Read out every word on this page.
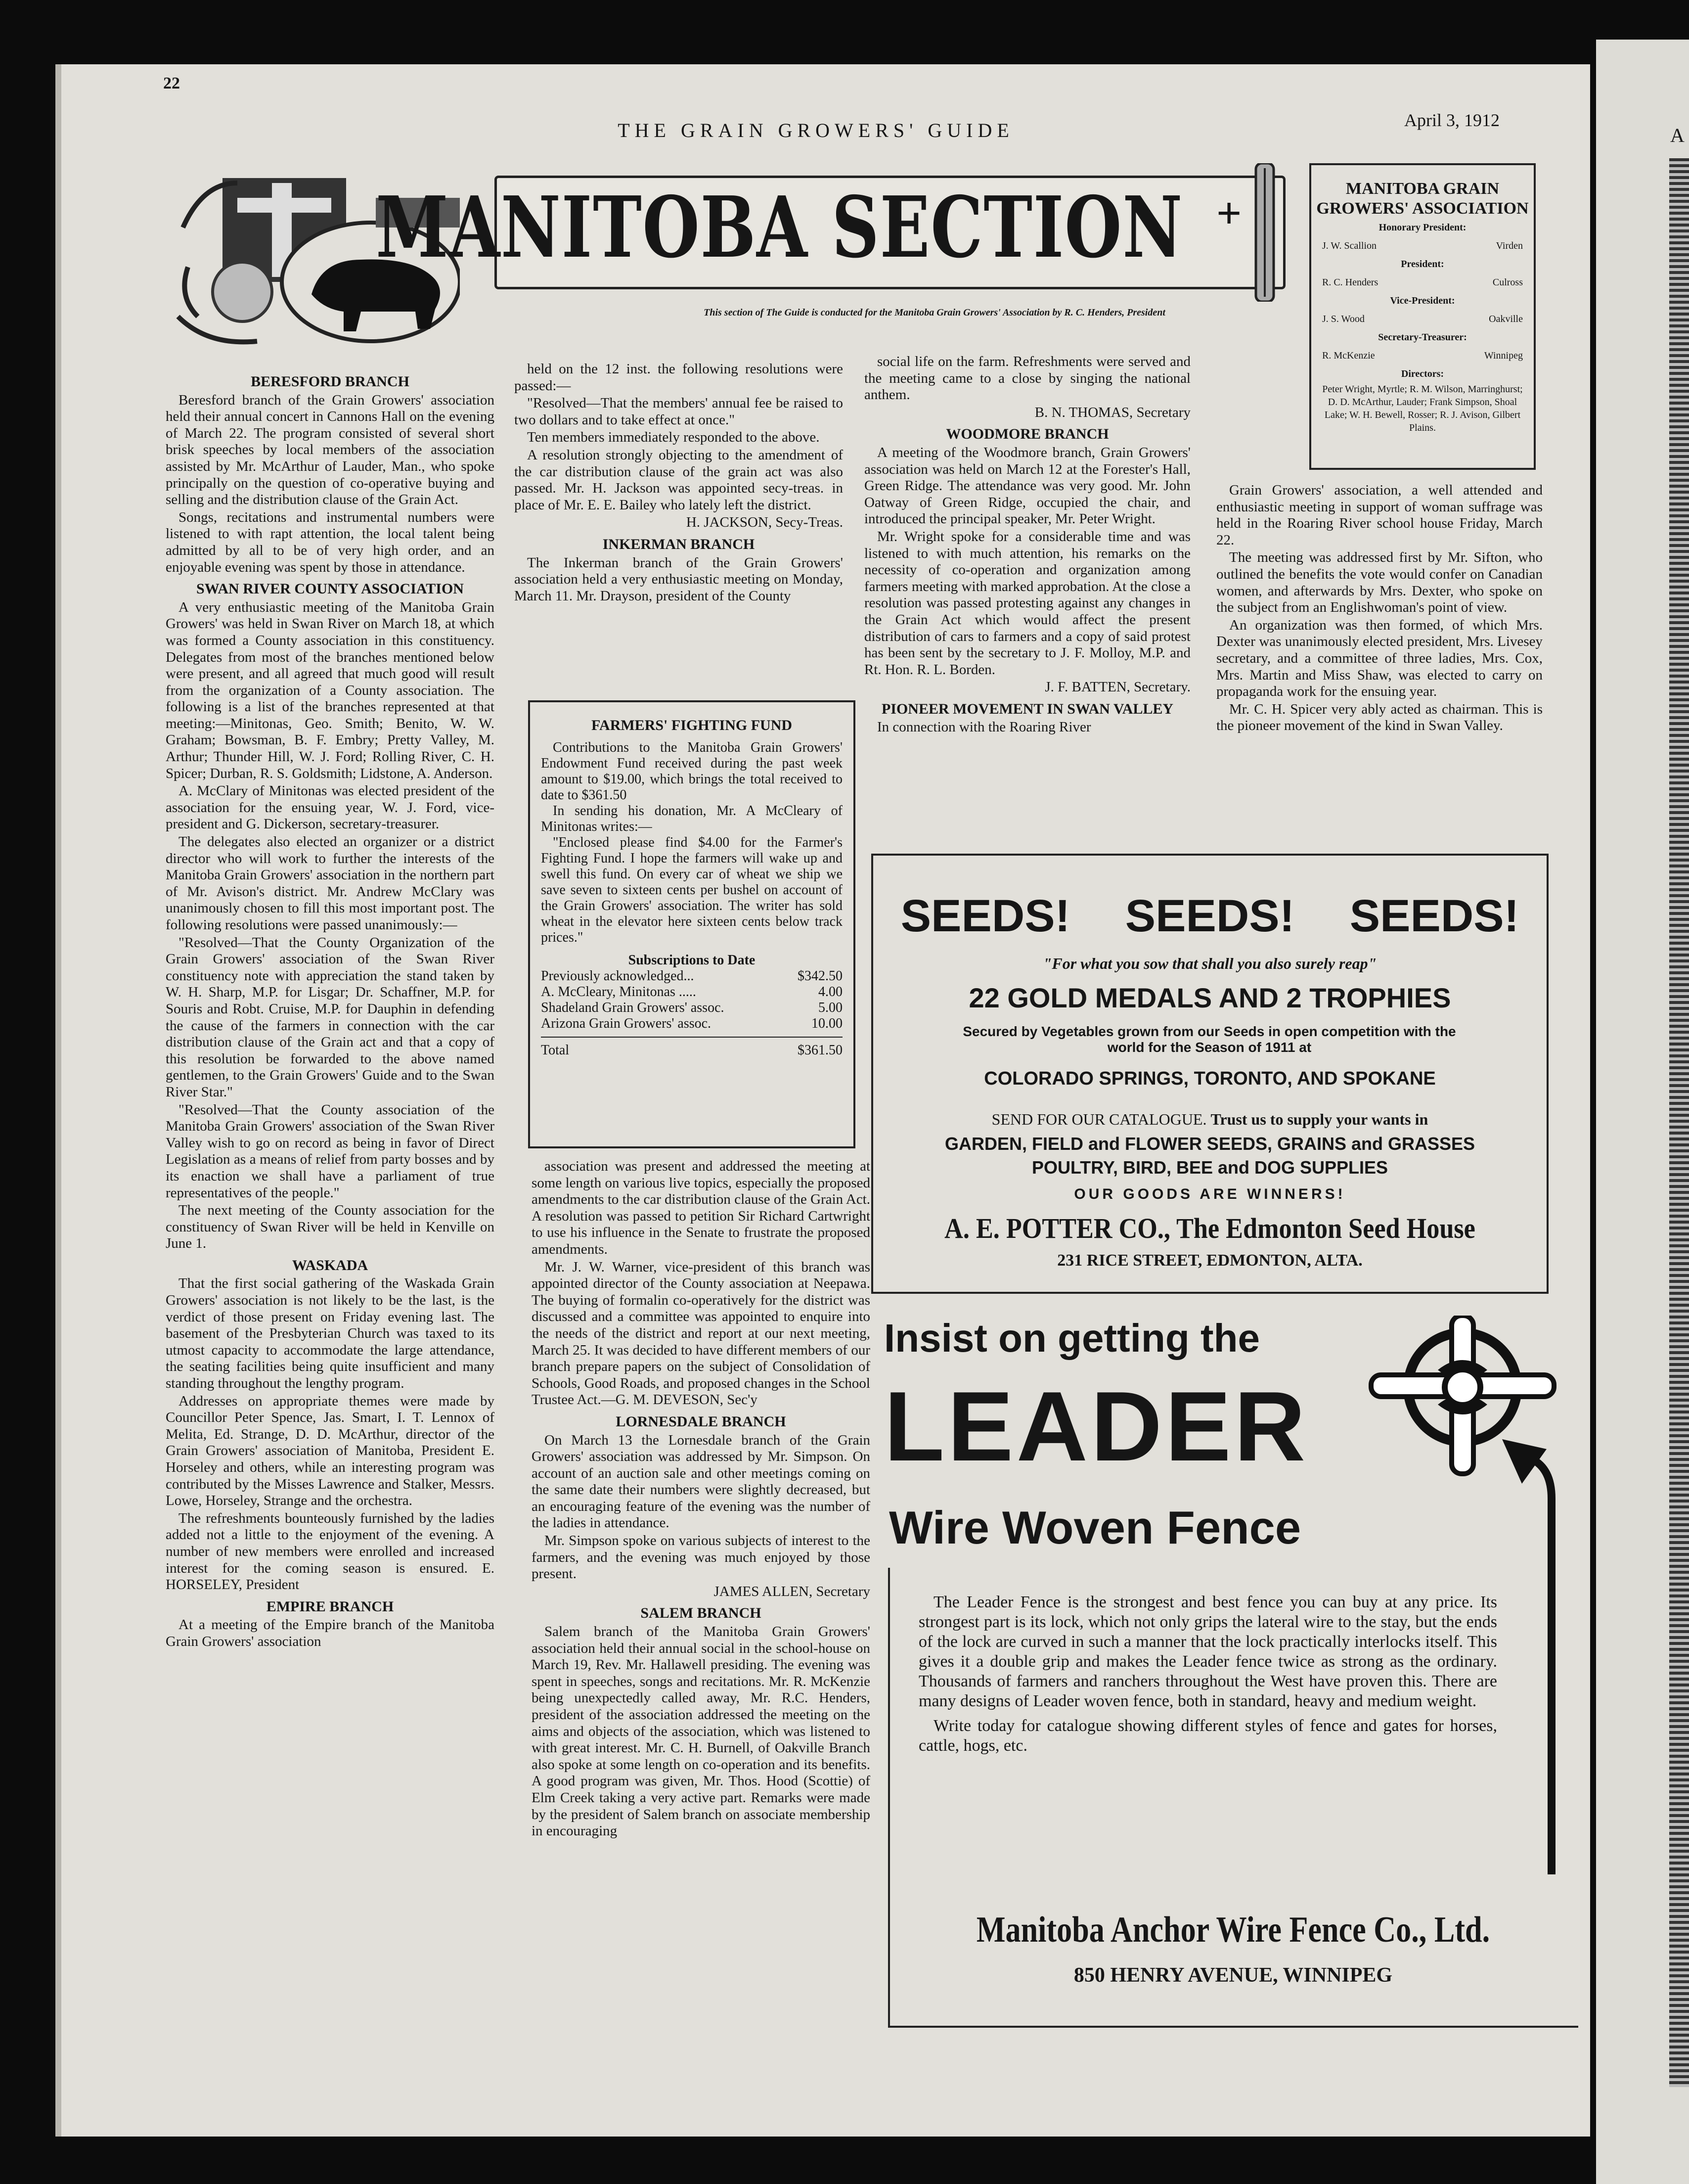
A
22
THE GRAIN GROWERS' GUIDE	April 3, 1912
MANITOBA SECTION +
This section of The Guide is conducted for the Manitoba Grain Growers' Association by R. C. Henders, President
MANITOBA GRAIN GROWERS' ASSOCIATION
Honorary President:
J. W. Scallion	Virden
President:
R. C. Henders	Culross
Vice-President:
J. S. Wood	Oakville
Secretary-Treasurer:
R. McKenzie	Winnipeg
Directors:
Peter Wright, Myrtle; R. M. Wilson, Marringhurst; D. D. McArthur, Lauder; Frank Simpson, Shoal Lake; W. H. Bewell, Rosser; R. J. Avison, Gilbert Plains.

BERESFORD BRANCH

Beresford branch of the Grain Growers' association held their annual concert in Cannons Hall on the evening of March 22. The program consisted of several short brisk speeches by local members of the association assisted by Mr. McArthur of Lauder, Man., who spoke principally on the question of co-operative buying and selling and the distribution clause of the Grain Act.

Songs, recitations and instrumental numbers were listened to with rapt attention, the local talent being admitted by all to be of very high order, and an enjoyable evening was spent by those in attendance.

SWAN RIVER COUNTY ASSOCIATION

A very enthusiastic meeting of the Manitoba Grain Growers' was held in Swan River on March 18, at which was formed a County association in this constituency. Delegates from most of the branches mentioned below were present, and all agreed that much good will result from the organization of a County association. The following is a list of the branches represented at that meeting:—Minitonas, Geo. Smith; Benito, W. W. Graham; Bowsman, B. F. Embry; Pretty Valley, M. Arthur; Thunder Hill, W. J. Ford; Rolling River, C. H. Spicer; Durban, R. S. Goldsmith; Lidstone, A. Anderson.

A. McClary of Minitonas was elected president of the association for the ensuing year, W. J. Ford, vice-president and G. Dickerson, secretary-treasurer.

The delegates also elected an organizer or a district director who will work to further the interests of the Manitoba Grain Growers' association in the northern part of Mr. Avison's district. Mr. Andrew McClary was unanimously chosen to fill this most important post. The following resolutions were passed unanimously:—

"Resolved—That the County Organization of the Grain Growers' association of the Swan River constituency note with appreciation the stand taken by W. H. Sharp, M.P. for Lisgar; Dr. Schaffner, M.P. for Souris and Robt. Cruise, M.P. for Dauphin in defending the cause of the farmers in connection with the car distribution clause of the Grain act and that a copy of this resolution be forwarded to the above named gentlemen, to the Grain Growers' Guide and to the Swan River Star."

"Resolved—That the County association of the Manitoba Grain Growers' association of the Swan River Valley wish to go on record as being in favor of Direct Legislation as a means of relief from party bosses and by its enaction we shall have a parliament of true representatives of the people."

The next meeting of the County association for the constituency of Swan River will be held in Kenville on June 1.

WASKADA

That the first social gathering of the Waskada Grain Growers' association is not likely to be the last, is the verdict of those present on Friday evening last. The basement of the Presbyterian Church was taxed to its utmost capacity to accommodate the large attendance, the seating facilities being quite insufficient and many standing throughout the lengthy program.

Addresses on appropriate themes were made by Councillor Peter Spence, Jas. Smart, I. T. Lennox of Melita, Ed. Strange, D. D. McArthur, director of the Grain Growers' association of Manitoba, President E. Horseley and others, while an interesting program was contributed by the Misses Lawrence and Stalker, Messrs. Lowe, Horseley, Strange and the orchestra.

The refreshments bounteously furnished by the ladies added not a little to the enjoyment of the evening. A number of new members were enrolled and increased interest for the coming season is ensured. E. HORSELEY, President

EMPIRE BRANCH

At a meeting of the Empire branch of the Manitoba Grain Growers' association

held on the 12 inst. the following resolutions were passed:—

"Resolved—That the members' annual fee be raised to two dollars and to take effect at once."

Ten members immediately responded to the above.

A resolution strongly objecting to the amendment of the car distribution clause of the grain act was also passed. Mr. H. Jackson was appointed secy-treas. in place of Mr. E. E. Bailey who lately left the district.

H. JACKSON, Secy-Treas.

INKERMAN BRANCH

The Inkerman branch of the Grain Growers' association held a very enthusiastic meeting on Monday, March 11. Mr. Drayson, president of the County

FARMERS' FIGHTING FUND

Contributions to the Manitoba Grain Growers' Endowment Fund received during the past week amount to $19.00, which brings the total received to date to $361.50

In sending his donation, Mr. A McCleary of Minitonas writes:—

"Enclosed please find $4.00 for the Farmer's Fighting Fund. I hope the farmers will wake up and swell this fund. On every car of wheat we ship we save seven to sixteen cents per bushel on account of the Grain Growers' association. The writer has sold wheat in the elevator here sixteen cents below track prices."

Subscriptions to Date
Previously acknowledged...	$342.50
A. McCleary, Minitonas .....	4.00
Shadeland Grain Growers' assoc.	5.00
Arizona Grain Growers' assoc.	10.00
Total	$361.50

association was present and addressed the meeting at some length on various live topics, especially the proposed amendments to the car distribution clause of the Grain Act. A resolution was passed to petition Sir Richard Cartwright to use his influence in the Senate to frustrate the proposed amendments.

Mr. J. W. Warner, vice-president of this branch was appointed director of the County association at Neepawa. The buying of formalin co-operatively for the district was discussed and a committee was appointed to enquire into the needs of the district and report at our next meeting, March 25. It was decided to have different members of our branch prepare papers on the subject of Consolidation of Schools, Good Roads, and proposed changes in the School Trustee Act.—G. M. DEVESON, Sec'y

LORNESDALE BRANCH

On March 13 the Lornesdale branch of the Grain Growers' association was addressed by Mr. Simpson. On account of an auction sale and other meetings coming on the same date their numbers were slightly decreased, but an encouraging feature of the evening was the number of the ladies in attendance.

Mr. Simpson spoke on various subjects of interest to the farmers, and the evening was much enjoyed by those present.

JAMES ALLEN, Secretary

SALEM BRANCH

Salem branch of the Manitoba Grain Growers' association held their annual social in the school-house on March 19, Rev. Mr. Hallawell presiding. The evening was spent in speeches, songs and recitations. Mr. R. McKenzie being unexpectedly called away, Mr. R.C. Henders, president of the association addressed the meeting on the aims and objects of the association, which was listened to with great interest. Mr. C. H. Burnell, of Oakville Branch also spoke at some length on co-operation and its benefits. A good program was given, Mr. Thos. Hood (Scottie) of Elm Creek taking a very active part. Remarks were made by the president of Salem branch on associate membership in encouraging

social life on the farm. Refreshments were served and the meeting came to a close by singing the national anthem.

B. N. THOMAS, Secretary

WOODMORE BRANCH

A meeting of the Woodmore branch, Grain Growers' association was held on March 12 at the Forester's Hall, Green Ridge. The attendance was very good. Mr. John Oatway of Green Ridge, occupied the chair, and introduced the principal speaker, Mr. Peter Wright.

Mr. Wright spoke for a considerable time and was listened to with much attention, his remarks on the necessity of co-operation and organization among farmers meeting with marked approbation. At the close a resolution was passed protesting against any changes in the Grain Act which would affect the present distribution of cars to farmers and a copy of said protest has been sent by the secretary to J. F. Molloy, M.P. and Rt. Hon. R. L. Borden.

J. F. BATTEN, Secretary.

PIONEER MOVEMENT IN SWAN VALLEY

In connection with the Roaring River

Grain Growers' association, a well attended and enthusiastic meeting in support of woman suffrage was held in the Roaring River school house Friday, March 22.

The meeting was addressed first by Mr. Sifton, who outlined the benefits the vote would confer on Canadian women, and afterwards by Mrs. Dexter, who spoke on the subject from an Englishwoman's point of view.

An organization was then formed, of which Mrs. Dexter was unanimously elected president, Mrs. Livesey secretary, and a committee of three ladies, Mrs. Cox, Mrs. Martin and Miss Shaw, was elected to carry on propaganda work for the ensuing year.

Mr. C. H. Spicer very ably acted as chairman. This is the pioneer movement of the kind in Swan Valley.

SEEDS! SEEDS! SEEDS!
"For what you sow that shall you also surely reap"
22 GOLD MEDALS AND 2 TROPHIES
Secured by Vegetables grown from our Seeds in open competition with the world for the Season of 1911 at
COLORADO SPRINGS, TORONTO, AND SPOKANE
SEND FOR OUR CATALOGUE. Trust us to supply your wants in
GARDEN, FIELD and FLOWER SEEDS, GRAINS and GRASSES
POULTRY, BIRD, BEE and DOG SUPPLIES
OUR GOODS ARE WINNERS!
A. E. POTTER CO., The Edmonton Seed House
231 RICE STREET, EDMONTON, ALTA.
Insist on getting the
LEADER
Wire Woven Fence

The Leader Fence is the strongest and best fence you can buy at any price. Its strongest part is its lock, which not only grips the lateral wire to the stay, but the ends of the lock are curved in such a manner that the lock practically interlocks itself. This gives it a double grip and makes the Leader fence twice as strong as the ordinary. Thousands of farmers and ranchers throughout the West have proven this. There are many designs of Leader woven fence, both in standard, heavy and medium weight.

Write today for catalogue showing different styles of fence and gates for horses, cattle, hogs, etc.

Manitoba Anchor Wire Fence Co., Ltd.
850 HENRY AVENUE, WINNIPEG
